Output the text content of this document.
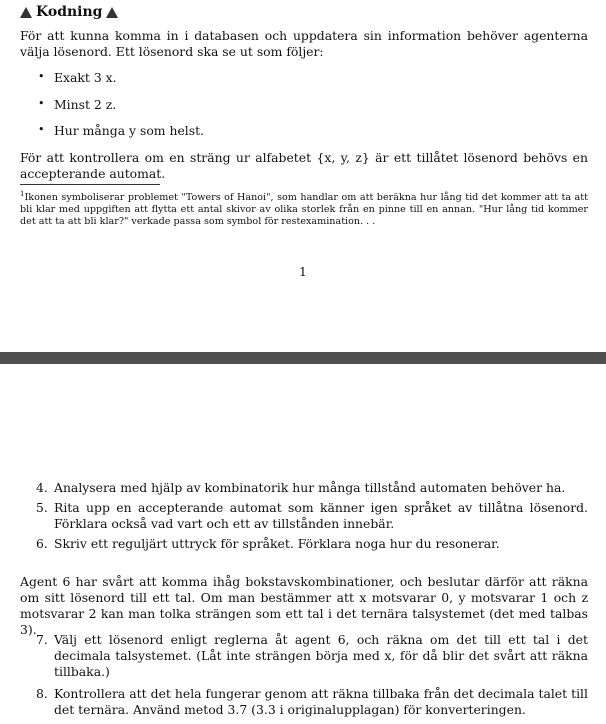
Kodning
För att kunna komma in i databasen och uppdatera sin information behöver agenterna välja lösenord. Ett lösenord ska se ut som följer:
• Exakt 3 x.
• Minst 2 z.
• Hur många y som helst.
För att kontrollera om en sträng ur alfabetet {x, y, z} är ett tillåtet lösenord behövs en accepterande automat.
$^1$Ikonen symboliserar problemet "Towers of Hanoi", som handlar om att beräkna hur lång tid det kommer att ta att bli klar med uppgiften att flytta ett antal skivor av olika storlek från en pinne till en annan. "Hur lång tid kommer det att ta att bli klar?" verkade passa som symbol för restexamination. . .
1
4. Analysera med hjälp av kombinatorik hur många tillstånd automaten behöver ha.
5. Rita upp en accepterande automat som känner igen språket av tillåtna lösenord. Förklara också vad vart och ett av tillstånden innebär.
6. Skriv ett reguljärt uttryck för språket. Förklara noga hur du resonerar.
Agent 6 har svårt att komma ihåg bokstavskombinationer, och beslutar därför att räkna om sitt lösenord till ett tal. Om man bestämmer att x motsvarar 0, y motsvarar 1 och z motsvarar 2 kan man tolka strängen som ett tal i det ternära talsystemet (det med talbas 3).
7. Välj ett lösenord enligt reglerna åt agent 6, och räkna om det till ett tal i det decimala talsystemet. (Låt inte strängen börja med x, för då blir det svårt att räkna tillbaka.)
8. Kontrollera att det hela fungerar genom att räkna tillbaka från det decimala talet till det ternära. Använd metod 3.7 (3.3 i originalupplagan) för konverteringen.
